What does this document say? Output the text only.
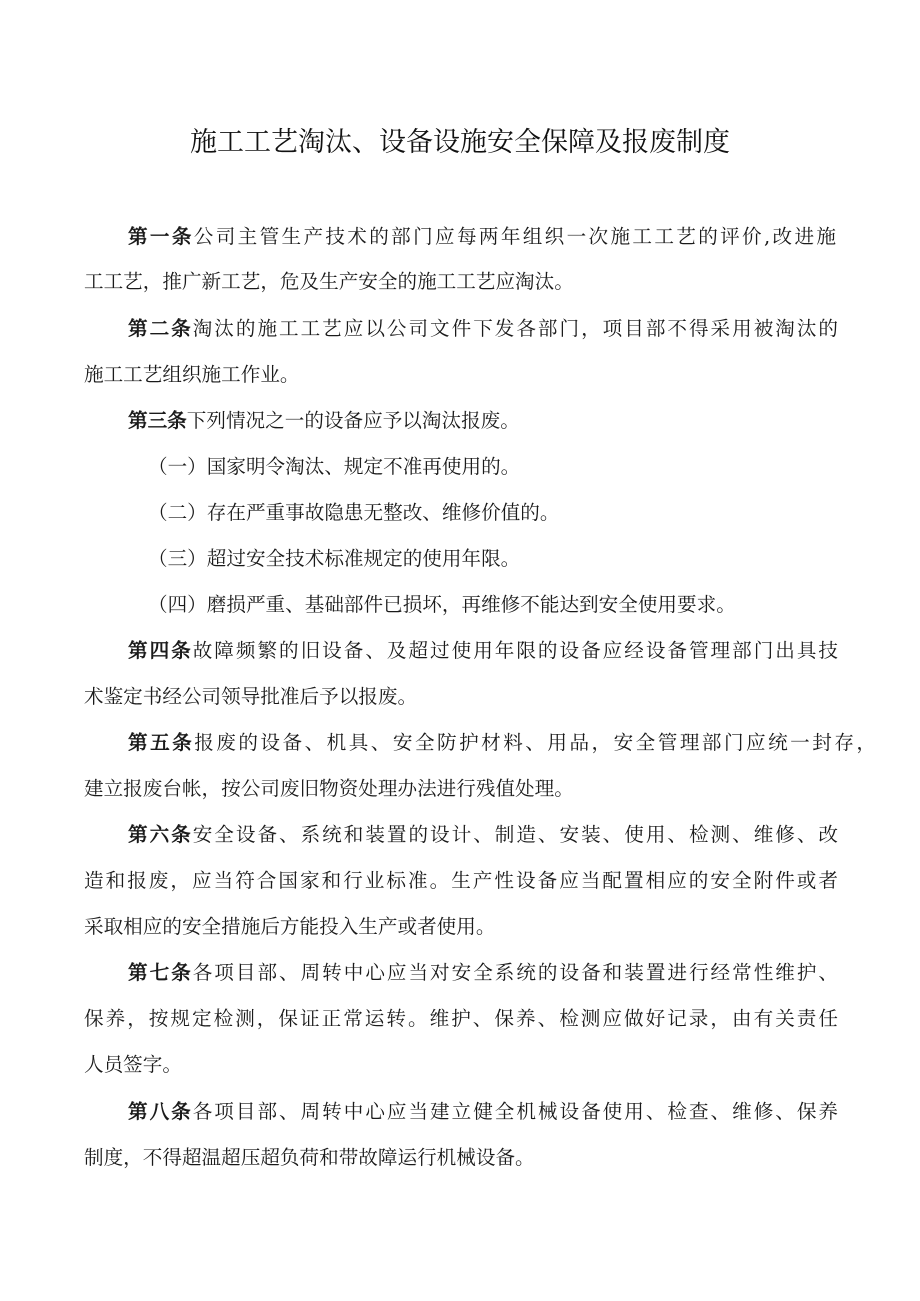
施工工艺淘汰、设备设施安全保障及报废制度
第一条公司主管生产技术的部门应每两年组织一次施工工艺的评价,改进施
工工艺，推广新工艺，危及生产安全的施工工艺应淘汰。
第二条淘汰的施工工艺应以公司文件下发各部门，项目部不得采用被淘汰的
施工工艺组织施工作业。
第三条下列情况之一的设备应予以淘汰报废。
（一）国家明令淘汰、规定不准再使用的。
（二）存在严重事故隐患无整改、维修价值的。
（三）超过安全技术标准规定的使用年限。
（四）磨损严重、基础部件已损坏，再维修不能达到安全使用要求。
第四条故障频繁的旧设备、及超过使用年限的设备应经设备管理部门出具技
术鉴定书经公司领导批准后予以报废。
第五条报废的设备、机具、安全防护材料、用品，安全管理部门应统一封存，
建立报废台帐，按公司废旧物资处理办法进行残值处理。
第六条安全设备、系统和装置的设计、制造、安装、使用、检测、维修、改
造和报废，应当符合国家和行业标准。生产性设备应当配置相应的安全附件或者
采取相应的安全措施后方能投入生产或者使用。
第七条各项目部、周转中心应当对安全系统的设备和装置进行经常性维护、
保养，按规定检测，保证正常运转。维护、保养、检测应做好记录，由有关责任
人员签字。
第八条各项目部、周转中心应当建立健全机械设备使用、检查、维修、保养
制度，不得超温超压超负荷和带故障运行机械设备。
